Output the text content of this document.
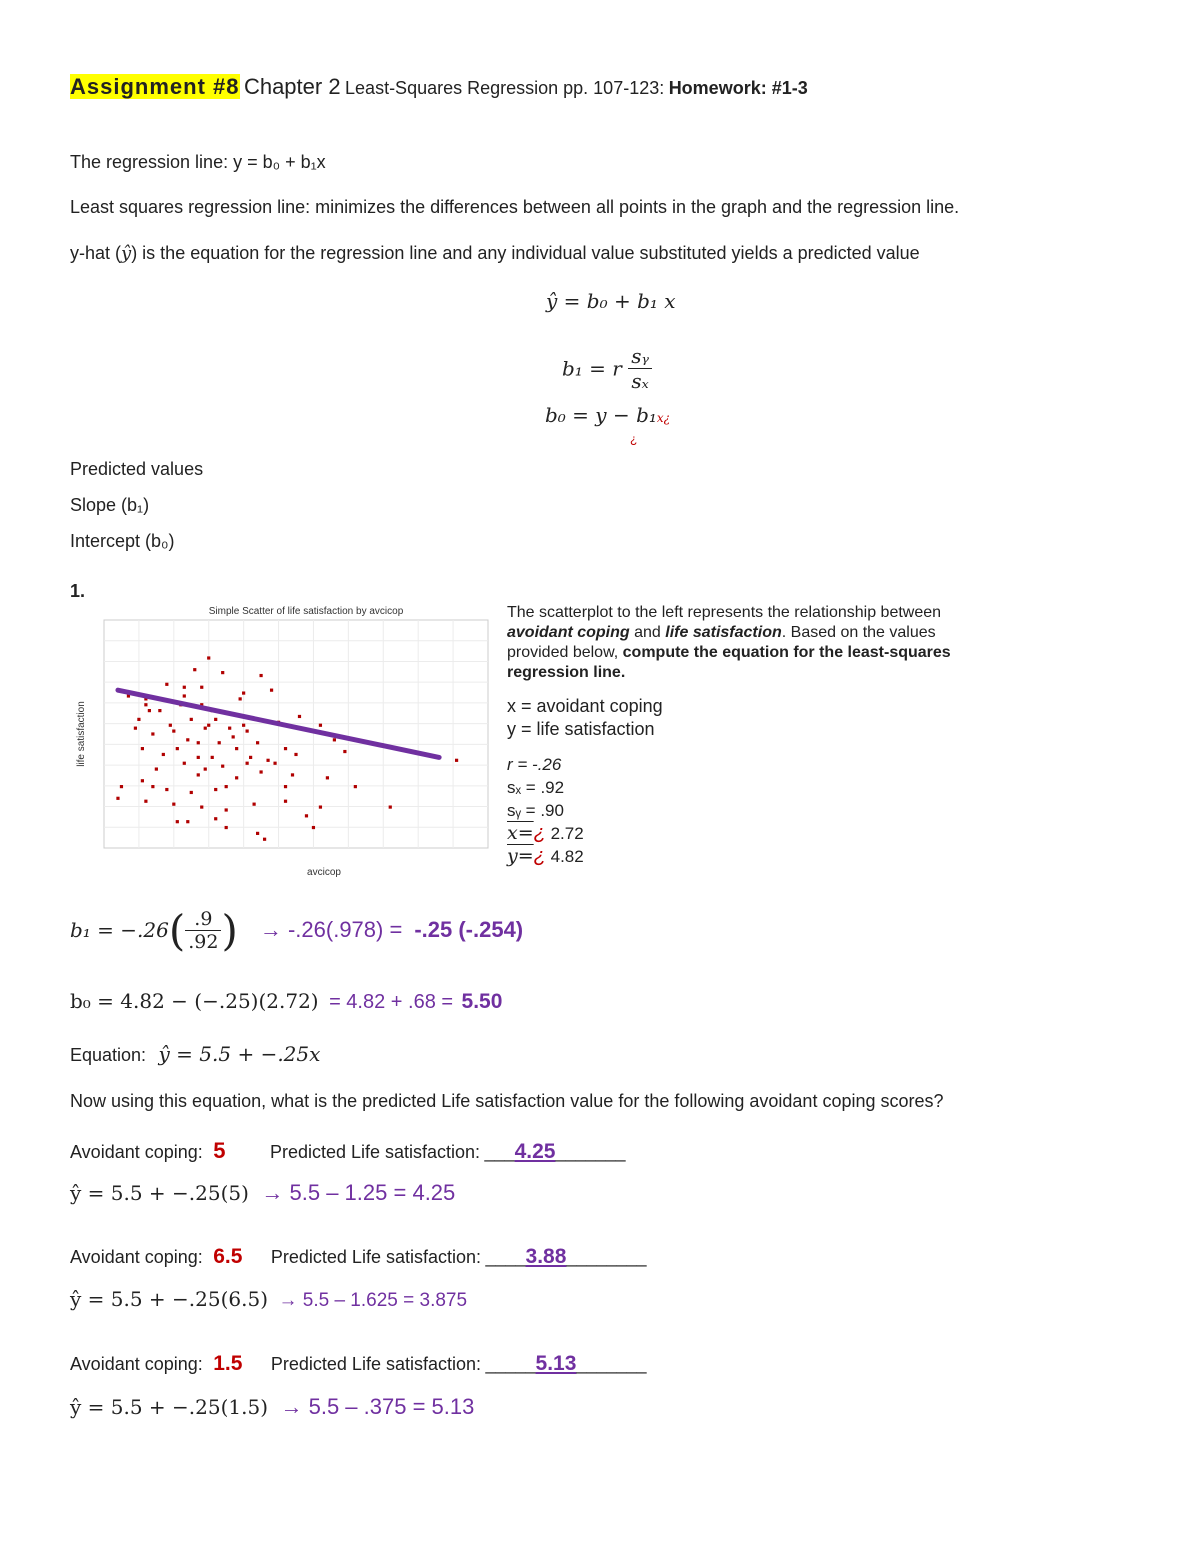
Assignment #8 Chapter 2 Least-Squares Regression pp. 107-123: Homework: #1-3
The regression line: y = b₀ + b₁x
Least squares regression line: minimizes the differences between all points in the graph and the regression line.
y-hat (ŷ) is the equation for the regression line and any individual value substituted yields a predicted value
ŷ = b₀ + b₁ x
b₁ = r $\frac{\text{sᵧ}}{\text{sₓ}}$
b₀ = y − b₁x¿
¿
Predicted values
Slope (b₁)
Intercept (b₀)
1.
Simple Scatter of life satisfaction by avcicop
avcicop
life satisfaction
The scatterplot to the left represents the relationship between
avoidant coping and life satisfaction. Based on the values
provided below, compute the equation for the least-squares
regression line.
x = avoidant coping
y = life satisfaction
r = -.26
sₓ = .92
sᵧ = .90
x=¿ 2.72
y=¿ 4.82
b₁ = −.26 ( $\frac{.9}{.92}$ ) → -.26(.978) = -.25 (-.254)
b₀ = 4.82 − (−.25)(2.72) = 4.82 + .68 = 5.50
Equation: ŷ = 5.5 + −.25x
Now using this equation, what is the predicted Life satisfaction value for the following avoidant coping scores?
Avoidant coping: 5 Predicted Life satisfaction: ___4.25_______
ŷ = 5.5 + −.25(5) → 5.5 – 1.25 = 4.25
Avoidant coping: 6.5 Predicted Life satisfaction: ____3.88________
ŷ = 5.5 + −.25(6.5) → 5.5 – 1.625 = 3.875
Avoidant coping: 1.5 Predicted Life satisfaction: _____5.13_______
ŷ = 5.5 + −.25(1.5) → 5.5 – .375 = 5.13
